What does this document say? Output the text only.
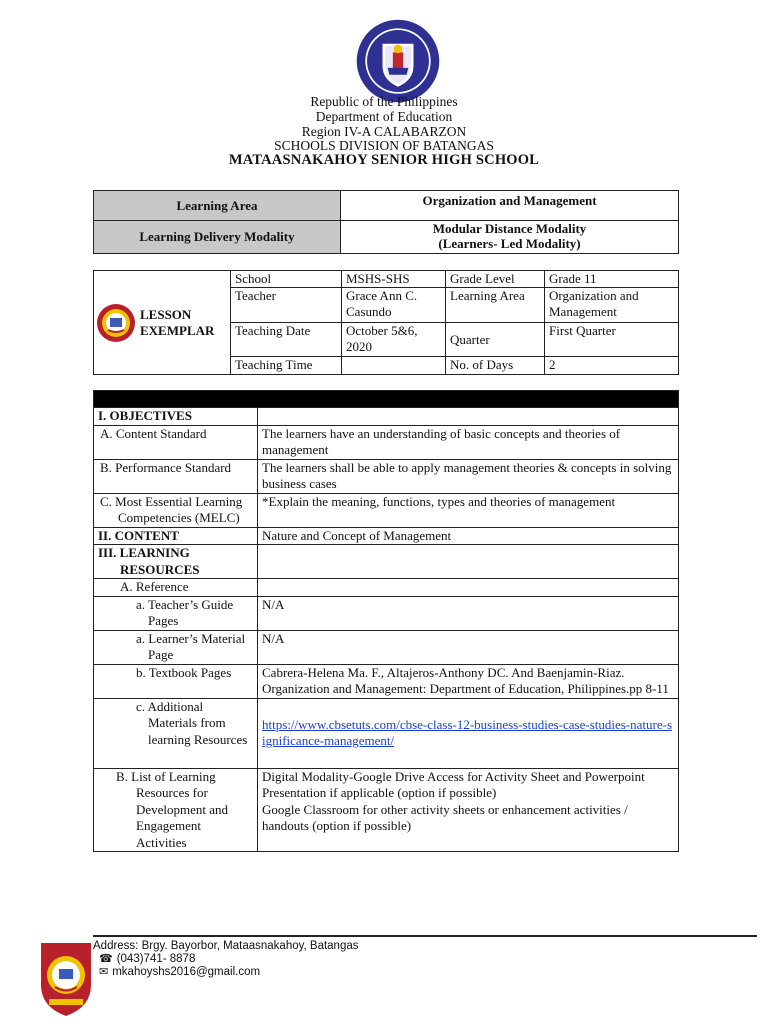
Republic of the Philippines
Department of Education
Region IV-A CALABARZON
SCHOOLS DIVISION OF BATANGAS
MATAASNAKAHOY SENIOR HIGH SCHOOL
Learning Area	Organization and Management
Learning Delivery Modality	Modular Distance Modality
(Learners- Led Modality)
LESSON
EXEMPLAR	School	MSHS-SHS	Grade Level	Grade 11
	Teacher	Grace Ann C. Casundo	Learning Area	Organization and Management
	Teaching Date	October 5&6, 2020	Quarter	First Quarter
	Teaching Time		No. of Days	2

I. OBJECTIVES	

A. Content Standard	The learners have an understanding of basic concepts and theories of management

B. Performance Standard	The learners shall be able to apply management theories & concepts in solving business cases

C. Most Essential Learning Competencies (MELC)	*Explain the meaning, functions, types and theories of management
II. CONTENT	Nature and Concept of Management

III. LEARNING RESOURCES	

A. Reference	

a. Teacher’s Guide Pages	N/A

a. Learner’s Material Page	N/A
b. Textbook Pages	Cabrera-Helena Ma. F., Altajeros-Anthony DC. And Baenjamin-Riaz. Organization and Management: Department of Education, Philippines.pp 8-11

c. Additional Materials from learning Resources	https://www.cbsetuts.com/cbse-class-12-business-studies-case-studies-nature-significance-management/

B. List of Learning Resources for Development and Engagement Activities	Digital Modality-Google Drive Access for Activity Sheet and Powerpoint Presentation if applicable (option if possible)
Google Classroom for other activity sheets or enhancement activities / handouts (option if possible)
Address: Brgy. Bayorbor, Mataasnakahoy, Batangas
☎ (043)741- 8878
✉ mkahoyshs2016@gmail.com
